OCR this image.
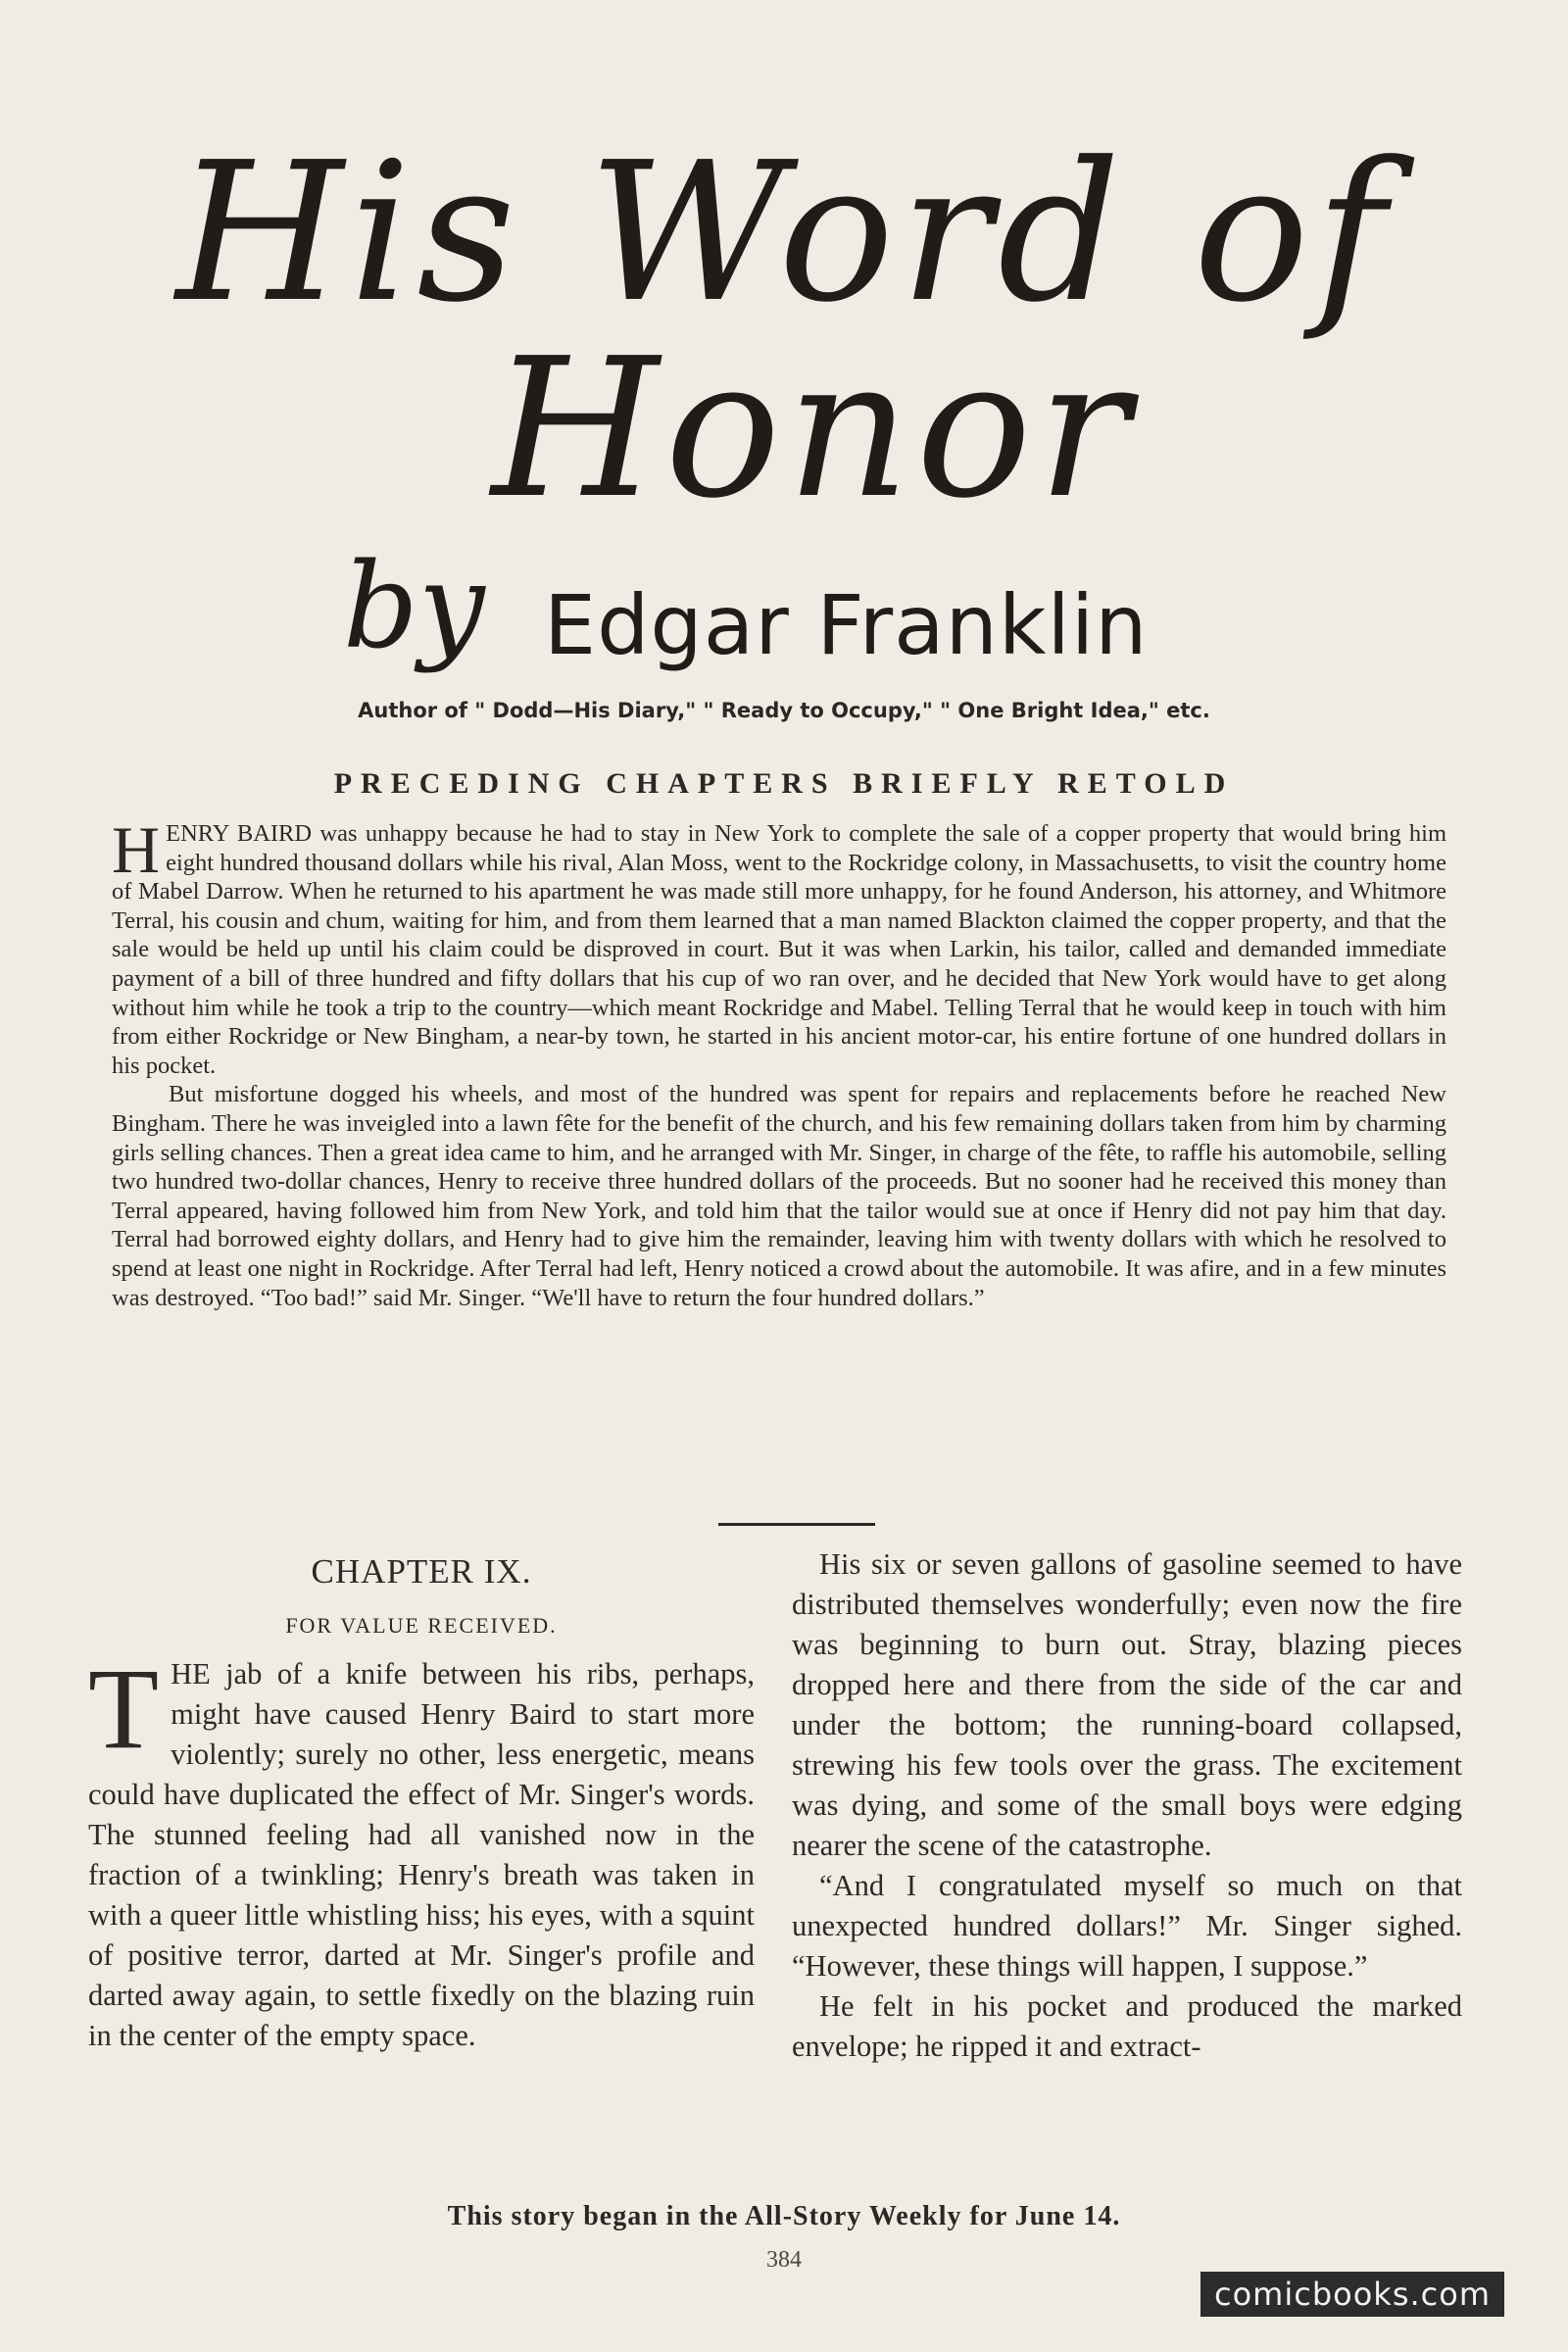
His Word of
Honor
by Edgar Franklin
Author of " Dodd—His Diary," " Ready to Occupy," " One Bright Idea," etc.
PRECEDING CHAPTERS BRIEFLY RETOLD

HENRY BAIRD was unhappy because he had to stay in New York to complete the sale of a copper property that would bring him eight hundred thousand dollars while his rival, Alan Moss, went to the Rockridge colony, in Massachusetts, to visit the country home of Mabel Darrow. When he returned to his apartment he was made still more unhappy, for he found Anderson, his attorney, and Whitmore Terral, his cousin and chum, waiting for him, and from them learned that a man named Blackton claimed the copper property, and that the sale would be held up until his claim could be disproved in court. But it was when Larkin, his tailor, called and demanded immediate payment of a bill of three hundred and fifty dollars that his cup of wo ran over, and he decided that New York would have to get along without him while he took a trip to the country—which meant Rockridge and Mabel. Telling Terral that he would keep in touch with him from either Rockridge or New Bingham, a near-by town, he started in his ancient motor-car, his entire fortune of one hundred dollars in his pocket.

But misfortune dogged his wheels, and most of the hundred was spent for repairs and replacements before he reached New Bingham. There he was inveigled into a lawn fête for the benefit of the church, and his few remaining dollars taken from him by charming girls selling chances. Then a great idea came to him, and he arranged with Mr. Singer, in charge of the fête, to raffle his automobile, selling two hundred two-dollar chances, Henry to receive three hundred dollars of the proceeds. But no sooner had he received this money than Terral appeared, having followed him from New York, and told him that the tailor would sue at once if Henry did not pay him that day. Terral had borrowed eighty dollars, and Henry had to give him the remainder, leaving him with twenty dollars with which he resolved to spend at least one night in Rockridge. After Terral had left, Henry noticed a crowd about the automobile. It was afire, and in a few minutes was destroyed. “Too bad!” said Mr. Singer. “We'll have to return the four hundred dollars.”

CHAPTER IX.
FOR VALUE RECEIVED.

THE jab of a knife between his ribs, perhaps, might have caused Henry Baird to start more violently; surely no other, less energetic, means could have duplicated the effect of Mr. Singer's words. The stunned feeling had all vanished now in the fraction of a twinkling; Henry's breath was taken in with a queer little whistling hiss; his eyes, with a squint of positive terror, darted at Mr. Singer's profile and darted away again, to settle fixedly on the blazing ruin in the center of the empty space.

His six or seven gallons of gasoline seemed to have distributed themselves wonderfully; even now the fire was beginning to burn out. Stray, blazing pieces dropped here and there from the side of the car and under the bottom; the running-board collapsed, strewing his few tools over the grass. The excitement was dying, and some of the small boys were edging nearer the scene of the catastrophe.

“And I congratulated myself so much on that unexpected hundred dollars!” Mr. Singer sighed. “However, these things will happen, I suppose.”

He felt in his pocket and produced the marked envelope; he ripped it and extract-

This story began in the All-Story Weekly for June 14.
384
comicbooks.com
